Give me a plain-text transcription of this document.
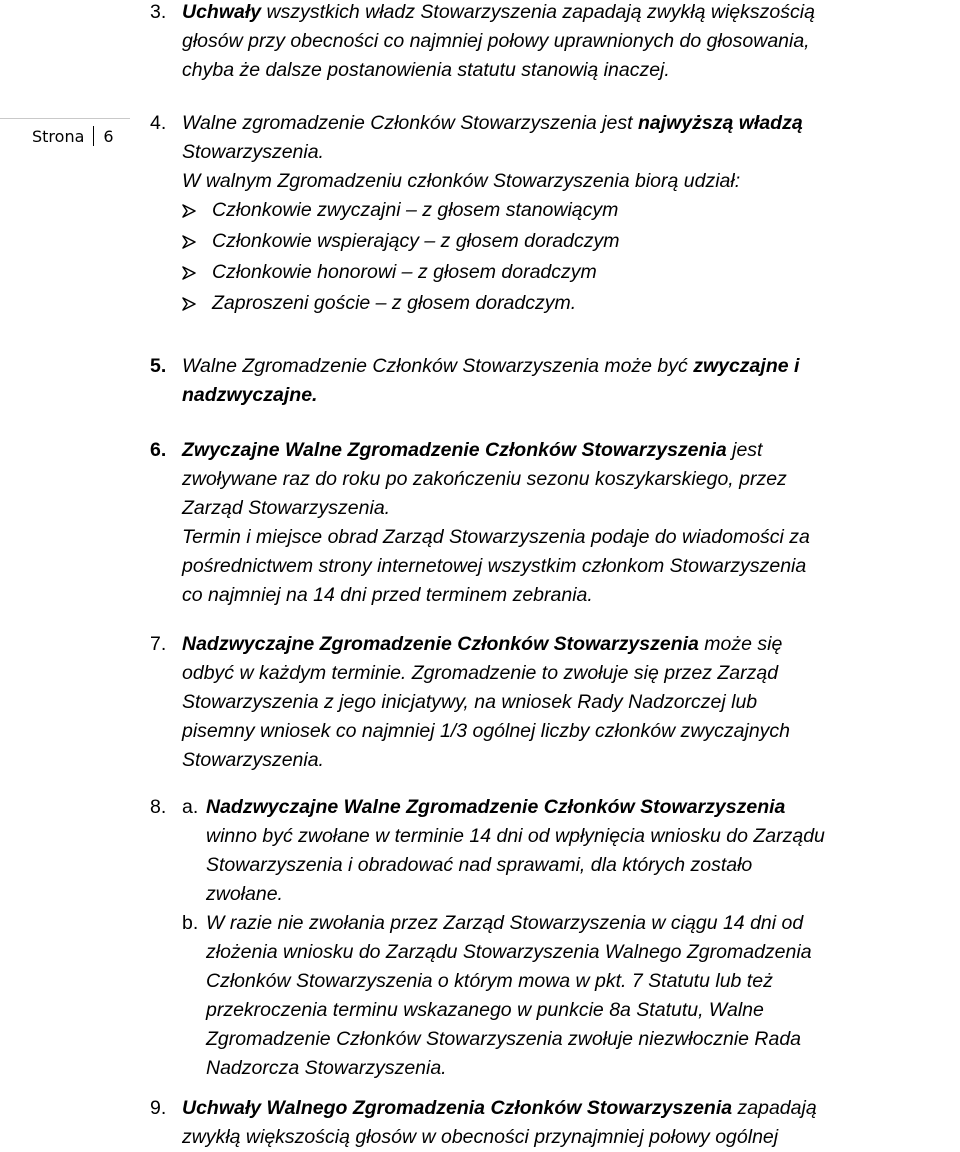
Strona 6
3. Uchwały wszystkich władz Stowarzyszenia zapadają zwykłą większością
głosów przy obecności co najmniej połowy uprawnionych do głosowania,
chyba że dalsze postanowienia statutu stanowią inaczej.
4. Walne zgromadzenie Członków Stowarzyszenia jest najwyższą władzą
Stowarzyszenia.
W walnym Zgromadzeniu członków Stowarzyszenia biorą udział:
Członkowie zwyczajni – z głosem stanowiącym
Członkowie wspierający – z głosem doradczym
Członkowie honorowi – z głosem doradczym
Zaproszeni goście – z głosem doradczym.
5. Walne Zgromadzenie Członków Stowarzyszenia może być zwyczajne i
nadzwyczajne.
6. Zwyczajne Walne Zgromadzenie Członków Stowarzyszenia jest
zwoływane raz do roku po zakończeniu sezonu koszykarskiego, przez
Zarząd Stowarzyszenia.
Termin i miejsce obrad Zarząd Stowarzyszenia podaje do wiadomości za
pośrednictwem strony internetowej wszystkim członkom Stowarzyszenia
co najmniej na 14 dni przed terminem zebrania.
7. Nadzwyczajne Zgromadzenie Członków Stowarzyszenia może się
odbyć w każdym terminie. Zgromadzenie to zwołuje się przez Zarząd
Stowarzyszenia z jego inicjatywy, na wniosek Rady Nadzorczej lub
pisemny wniosek co najmniej 1/3 ogólnej liczby członków zwyczajnych
Stowarzyszenia.
8. a. Nadzwyczajne Walne Zgromadzenie Członków Stowarzyszenia
winno być zwołane w terminie 14 dni od wpłynięcia wniosku do Zarządu
Stowarzyszenia i obradować nad sprawami, dla których zostało
zwołane.
b. W razie nie zwołania przez Zarząd Stowarzyszenia w ciągu 14 dni od
złożenia wniosku do Zarządu Stowarzyszenia Walnego Zgromadzenia
Członków Stowarzyszenia o którym mowa w pkt. 7 Statutu lub też
przekroczenia terminu wskazanego w punkcie 8a Statutu, Walne
Zgromadzenie Członków Stowarzyszenia zwołuje niezwłocznie Rada
Nadzorcza Stowarzyszenia.
9. Uchwały Walnego Zgromadzenia Członków Stowarzyszenia zapadają
zwykłą większością głosów w obecności przynajmniej połowy ogólnej
